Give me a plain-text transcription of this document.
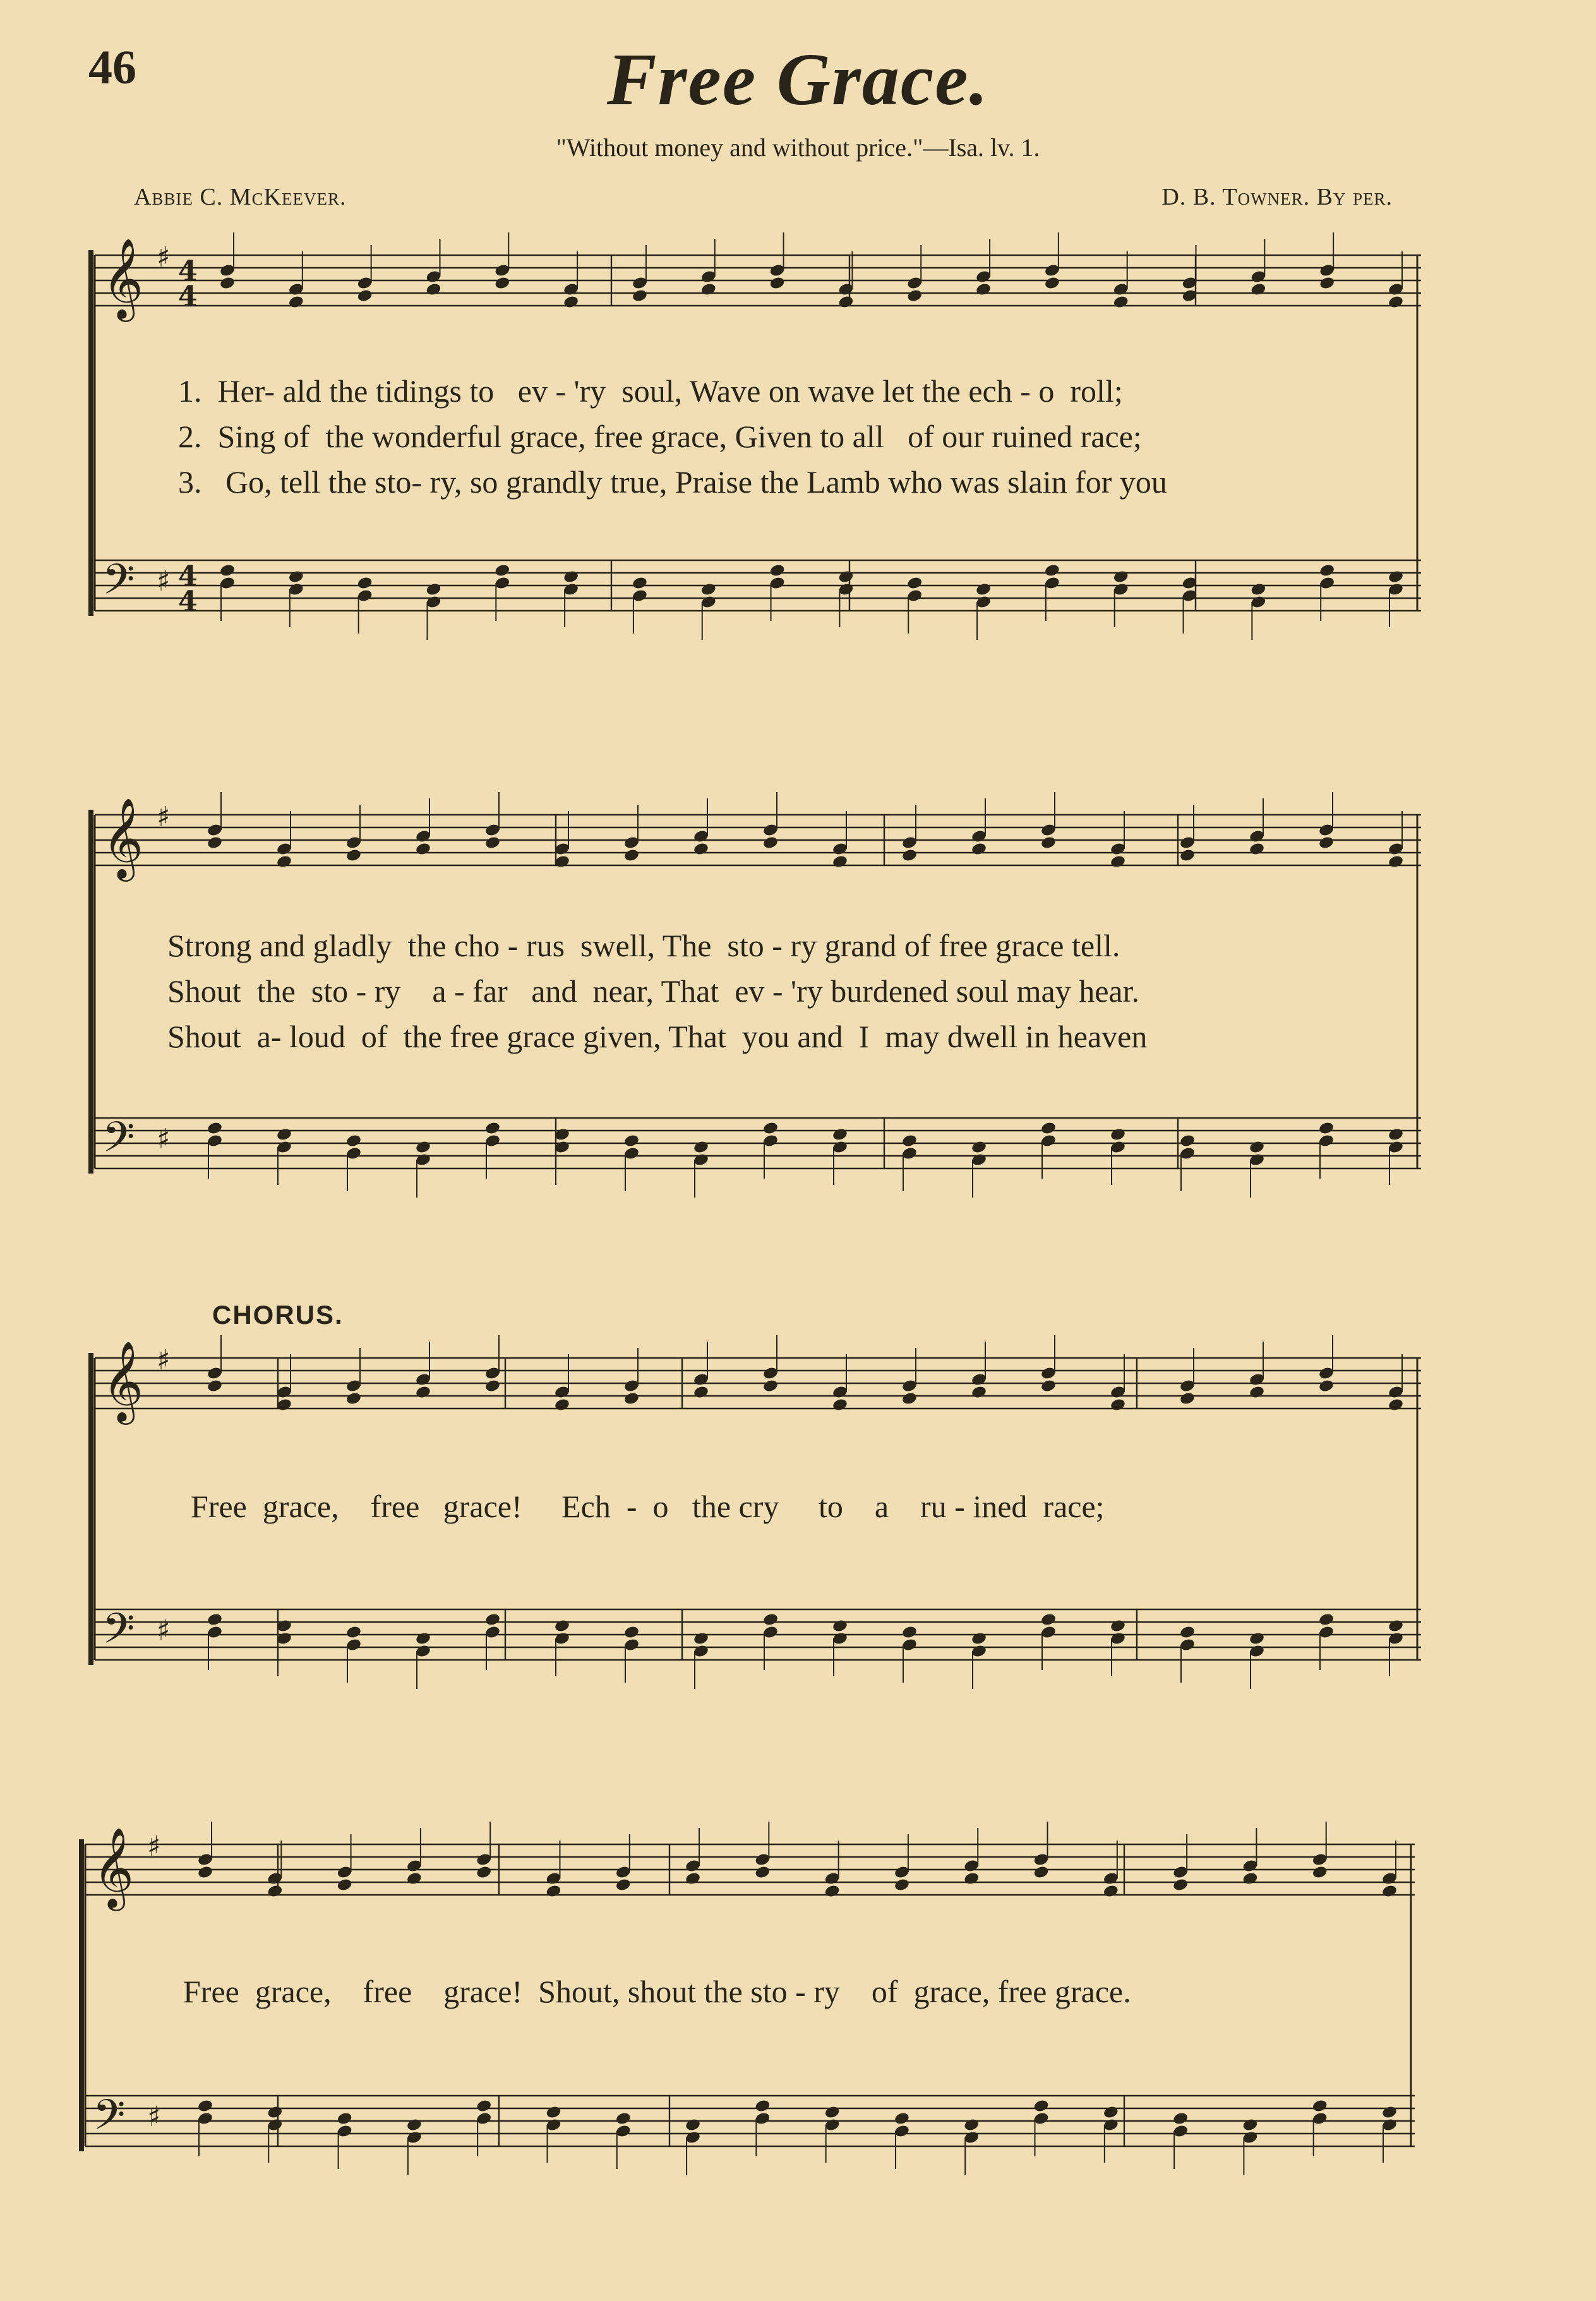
46	Free Grace.
"Without money and without price."—Isa. lv. 1.
Abbie C. McKeever.	D. B. Towner. By per.
𝄞
𝄢
♯
♯
4
4
4
4
𝄞
𝄢
♯
♯
𝄞
𝄢
♯
♯
𝄞
𝄢
♯
♯
1.  Her- ald the tidings to   ev - 'ry  soul, Wave on wave let the ech - o  roll;
2.  Sing of  the wonderful grace, free grace, Given to all   of our ruined race;
3.   Go, tell the sto- ry, so grandly true, Praise the Lamb who was slain for you
Strong and gladly  the cho - rus  swell, The  sto - ry grand of free grace tell.
Shout  the  sto - ry    a - far   and  near, That  ev - 'ry burdened soul may hear.
Shout  a- loud  of  the free grace given, That  you and  I  may dwell in heaven
CHORUS.
Free  grace,    free   grace!     Ech  -  o   the cry     to    a    ru - ined  race;
Free  grace,    free    grace!  Shout, shout the sto - ry    of  grace, free grace.
